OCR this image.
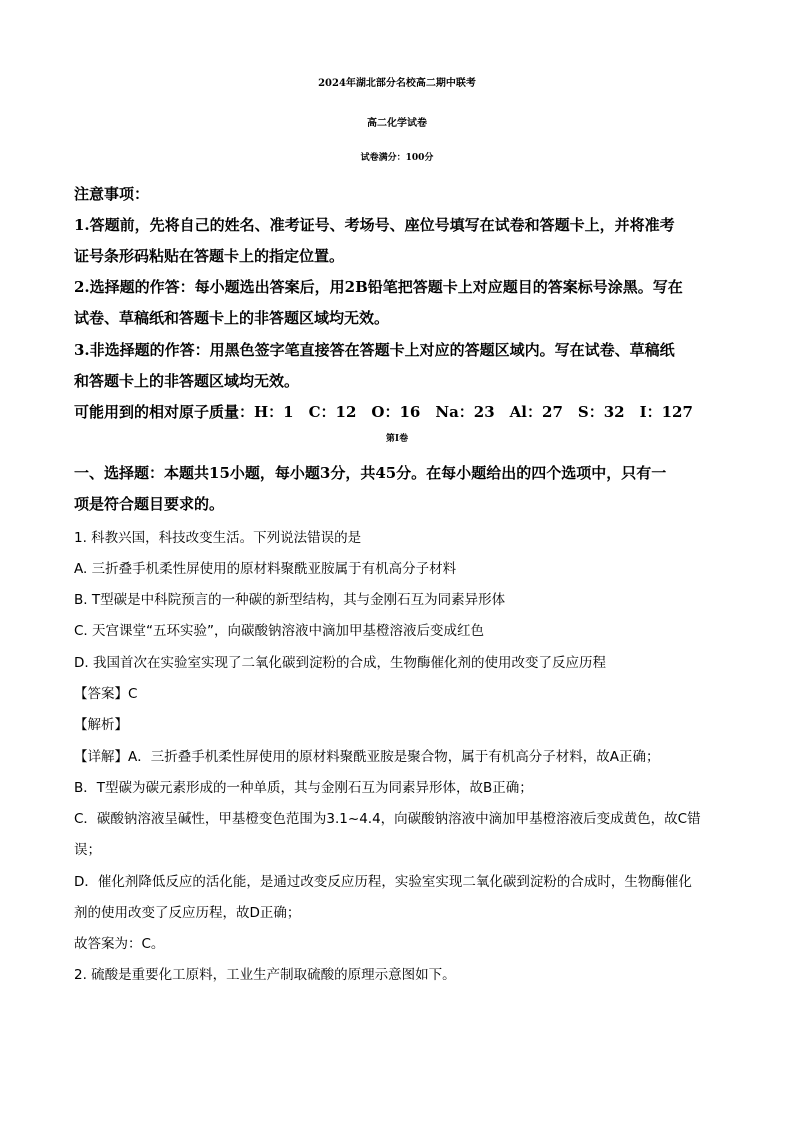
2024年湖北部分名校高二期中联考
高二化学试卷
试卷满分：100分
注意事项：
1.答题前，先将自己的姓名、准考证号、考场号、座位号填写在试卷和答题卡上，并将准考
证号条形码粘贴在答题卡上的指定位置。
2.选择题的作答：每小题选出答案后，用2B铅笔把答题卡上对应题目的答案标号涂黑。写在
试卷、草稿纸和答题卡上的非答题区域均无效。
3.非选择题的作答：用黑色签字笔直接答在答题卡上对应的答题区域内。写在试卷、草稿纸
和答题卡上的非答题区域均无效。
可能用到的相对原子质量：H：1　C：12　O：16　Na：23　Al：27　S：32　I：127
第Ⅰ卷
一、选择题：本题共15小题，每小题3分，共45分。在每小题给出的四个选项中，只有一
项是符合题目要求的。
1. 科教兴国，科技改变生活。下列说法错误的是
A. 三折叠手机柔性屏使用的原材料聚酰亚胺属于有机高分子材料
B. T型碳是中科院预言的一种碳的新型结构，其与金刚石互为同素异形体
C. 天宫课堂“五环实验”，向碳酸钠溶液中滴加甲基橙溶液后变成红色
D. 我国首次在实验室实现了二氧化碳到淀粉的合成，生物酶催化剂的使用改变了反应历程
【答案】C
【解析】
【详解】A．三折叠手机柔性屏使用的原材料聚酰亚胺是聚合物，属于有机高分子材料，故A正确；
B．T型碳为碳元素形成的一种单质，其与金刚石互为同素异形体，故B正确；
C．碳酸钠溶液呈碱性，甲基橙变色范围为3.1~4.4，向碳酸钠溶液中滴加甲基橙溶液后变成黄色，故C错
误；
D．催化剂降低反应的活化能，是通过改变反应历程，实验室实现二氧化碳到淀粉的合成时，生物酶催化
剂的使用改变了反应历程，故D正确；
故答案为：C。
2. 硫酸是重要化工原料，工业生产制取硫酸的原理示意图如下。
